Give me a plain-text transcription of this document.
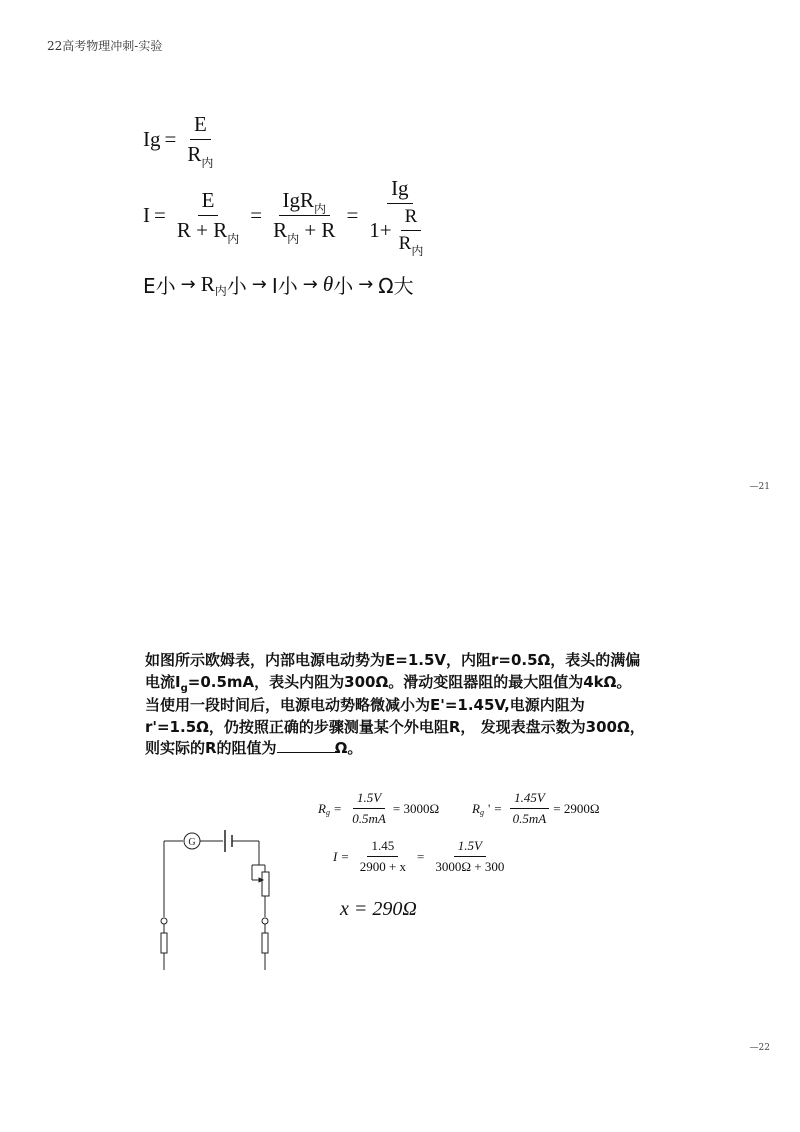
22高考物理冲刺-实验
$Ig = \frac{E}{R_内}$
$I = \frac{E}{R + R_内} = \frac{IgR_内}{R_内 + R} = \frac{Ig}{1+ \frac{R}{R_内}}$
E小 → R 内 小 → I小 → θ 小 → Ω大
—21
如图所示欧姆表，内部电源电动势为E=1.5V，内阻r=0.5Ω，表头的满偏电流$I_g=0.5mA$，表头内阻为300Ω。滑动变阻器阻的最大阻值为4kΩ。当使用一段时间后，电源电动势略微减小为E'=1.45V,电源内阻为r'=1.5Ω，仍按照正确的步骤测量某个外电阻R， 发现表盘示数为300Ω，则实际的R的阻值为	Ω。
R $g = \frac{1.5V}{0.5mA} = 3000\Omega$	R g ' = $\frac{1.45V}{0.5mA} = 2900\Omega$
$I = \frac{1.45}{2900 + x} = \frac{1.5V}{3000\Omega + 300}$
x = 290Ω
G
—22
